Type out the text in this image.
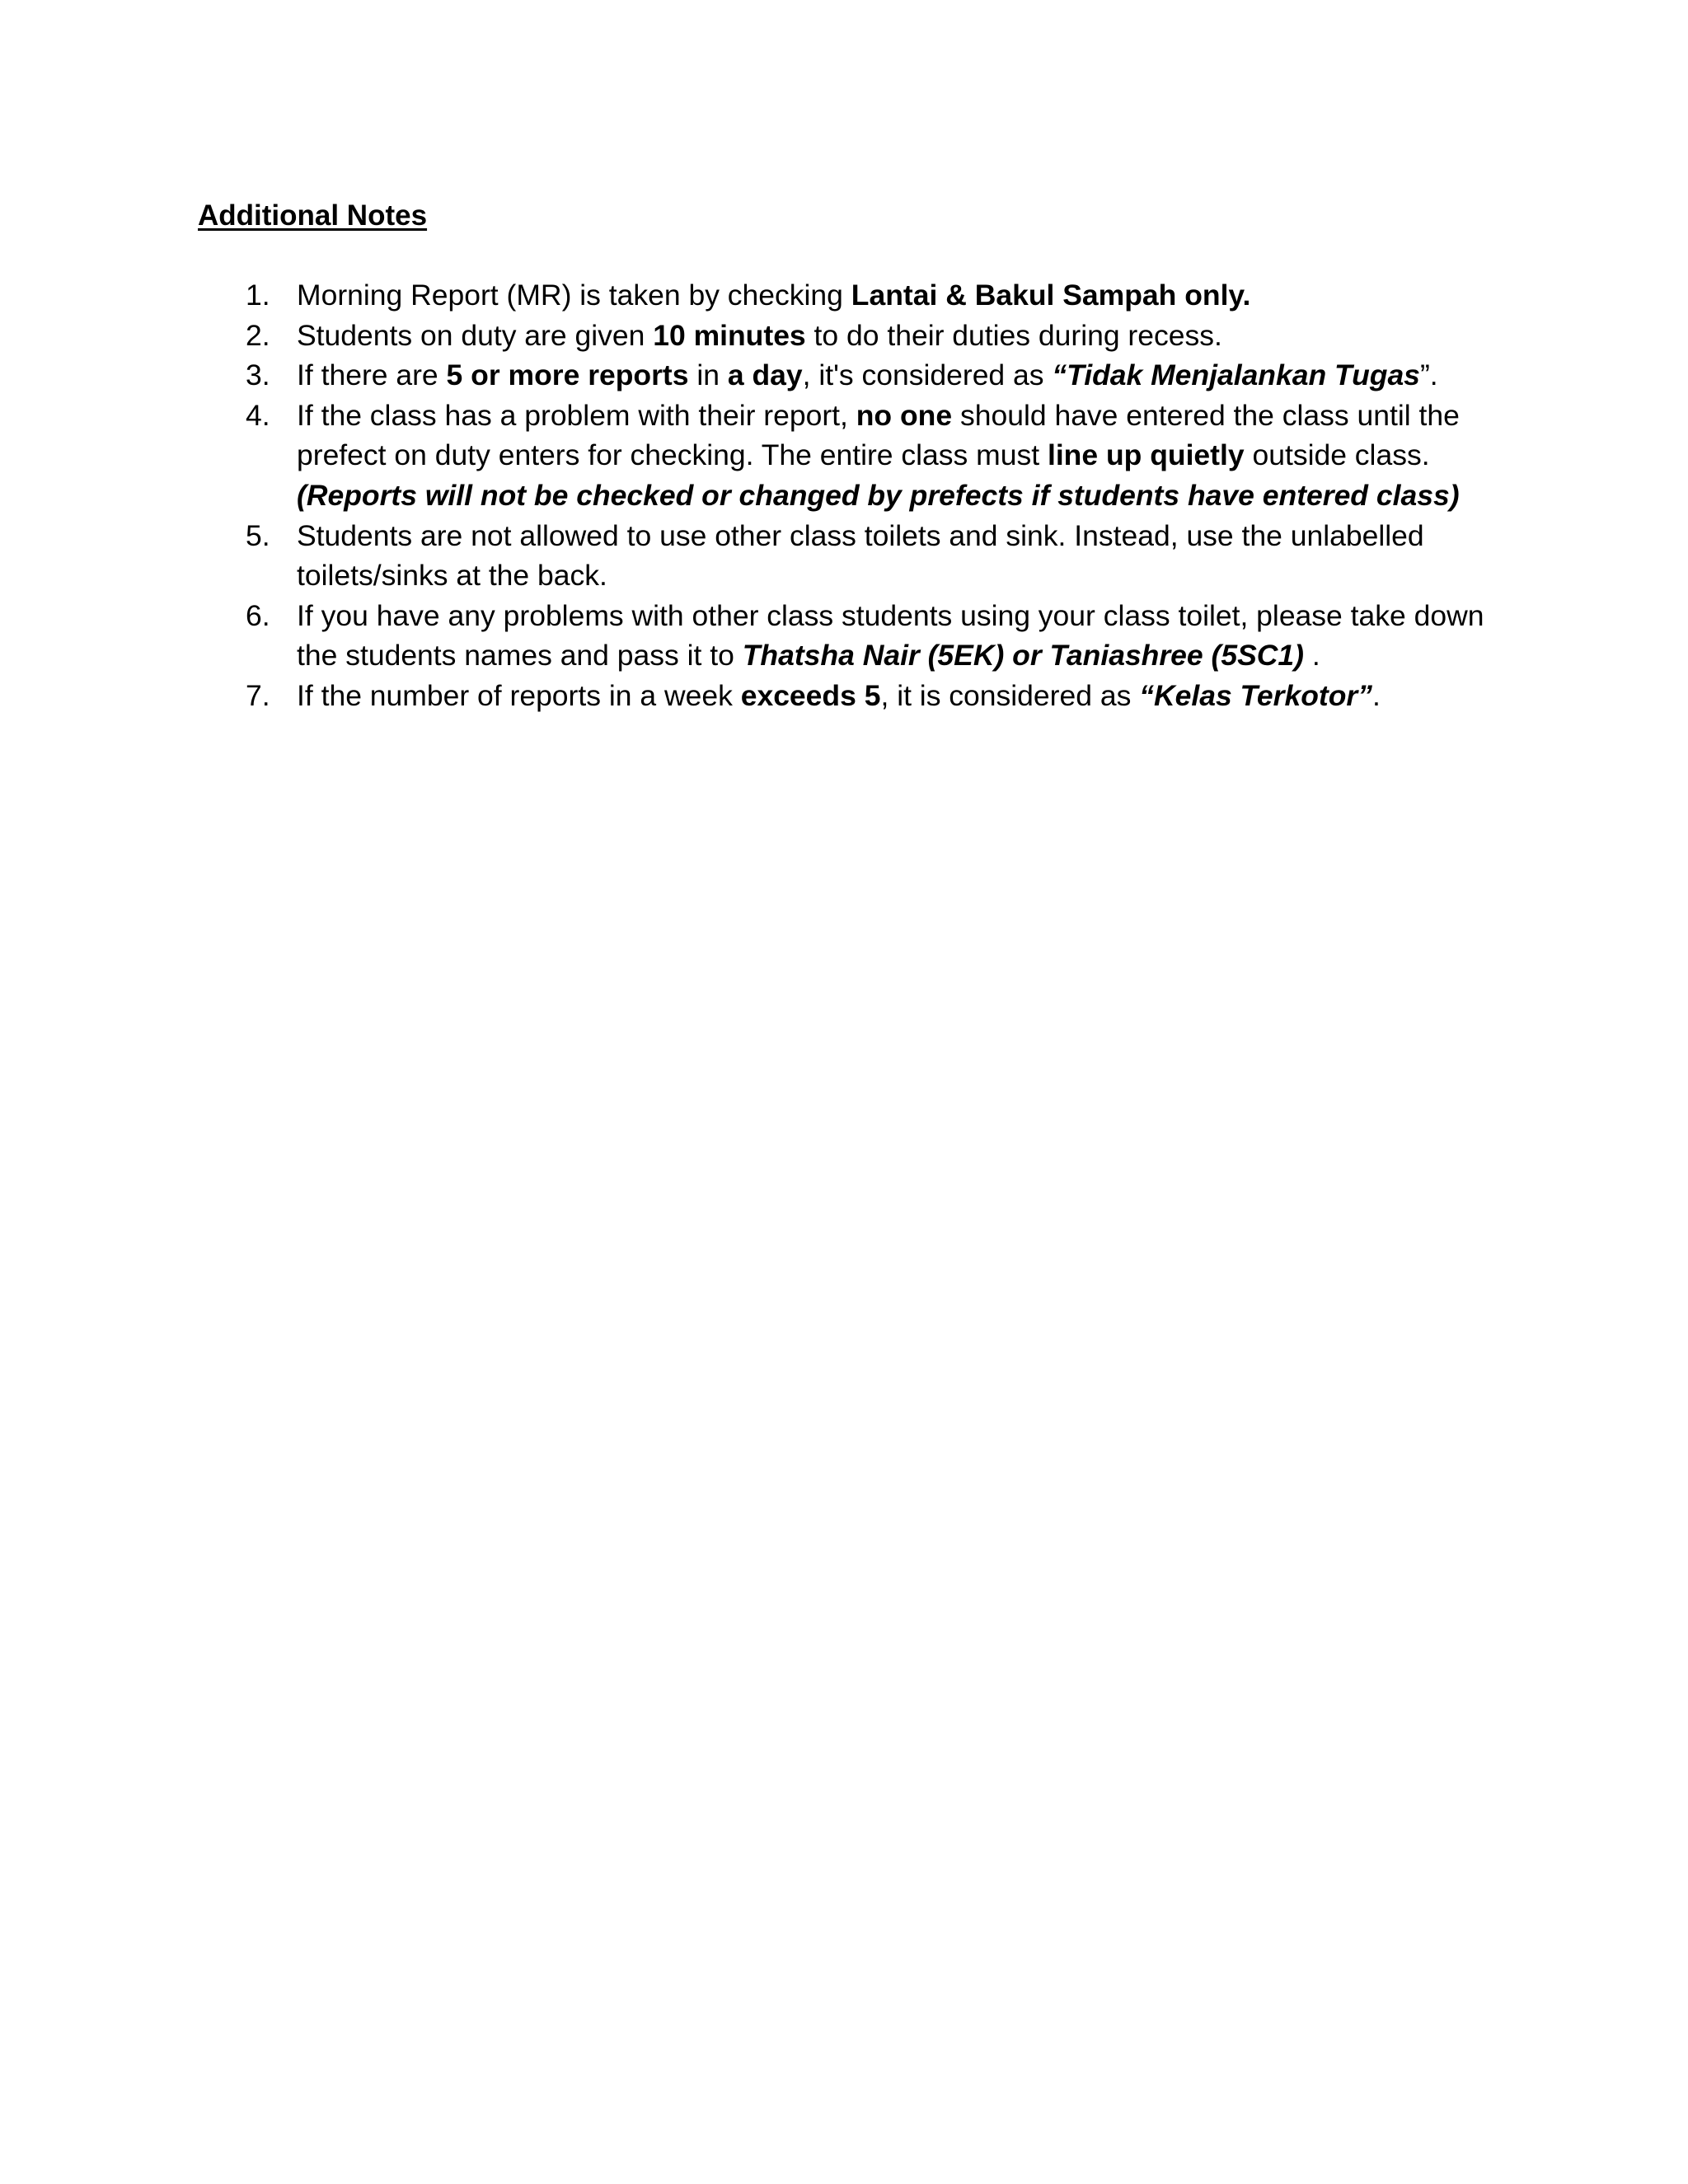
Additional Notes
1. Morning Report (MR) is taken by checking Lantai & Bakul Sampah only.
2. Students on duty are given 10 minutes to do their duties during recess.
3. If there are 5 or more reports in a day, it's considered as “Tidak Menjalankan Tugas”.
4. If the class has a problem with their report, no one should have entered the class until the prefect on duty enters for checking. The entire class must line up quietly outside class.
(Reports will not be checked or changed by prefects if students have entered class)
5. Students are not allowed to use other class toilets and sink. Instead, use the unlabelled toilets/sinks at the back.
6. If you have any problems with other class students using your class toilet, please take down the students names and pass it to Thatsha Nair (5EK) or Taniashree (5SC1) .
7. If the number of reports in a week exceeds 5, it is considered as “Kelas Terkotor”.
